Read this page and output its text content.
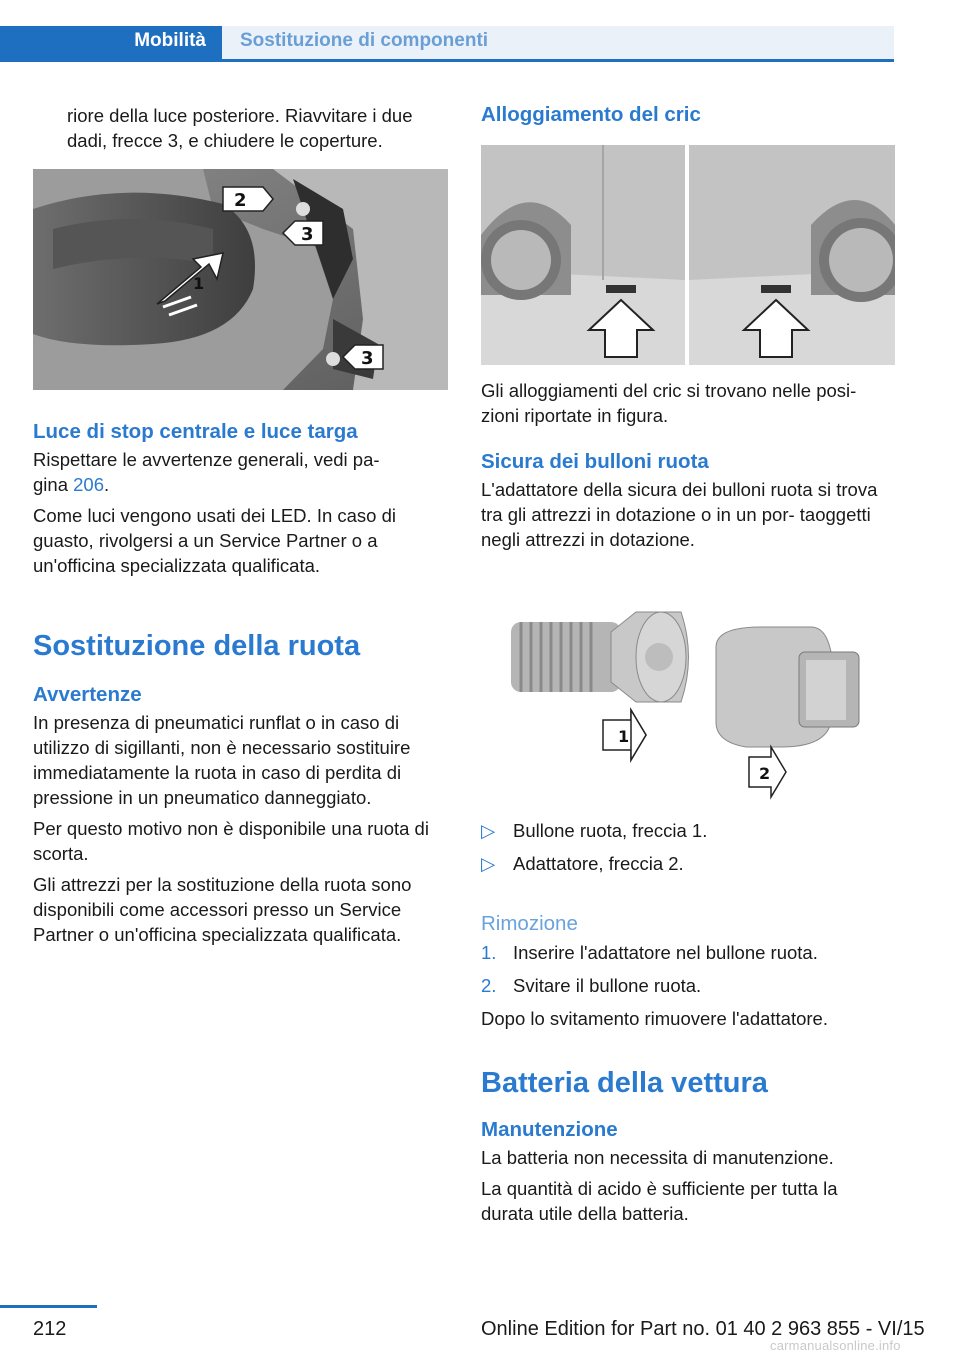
Mobilità Sostituzione di componenti

riore della luce posteriore. Riavvitare i due dadi, frecce 3, e chiudere le coperture.

2
3
1
3
Luce di stop centrale e luce targa

Rispettare le avvertenze generali, vedi pa- gina 206.

Come luci vengono usati dei LED. In caso di guasto, rivolgersi a un Service Partner o a un'officina specializzata qualificata.

Sostituzione della ruota
Avvertenze

In presenza di pneumatici runflat o in caso di utilizzo di sigillanti, non è necessario sostituire immediatamente la ruota in caso di perdita di pressione in un pneumatico danneggiato.

Per questo motivo non è disponibile una ruota di scorta.

Gli attrezzi per la sostituzione della ruota sono disponibili come accessori presso un Service Partner o un'officina specializzata qualificata.

Alloggiamento del cric

Gli alloggiamenti del cric si trovano nelle posi- zioni riportate in figura.

Sicura dei bulloni ruota

L'adattatore della sicura dei bulloni ruota si trova tra gli attrezzi in dotazione o in un por- taoggetti negli attrezzi in dotazione.

1
2
▷ Bullone ruota, freccia 1.
▷ Adattatore, freccia 2.
Rimozione
1. Inserire l'adattatore nel bullone ruota.
2. Svitare il bullone ruota.

Dopo lo svitamento rimuovere l'adattatore.

Batteria della vettura
Manutenzione

La batteria non necessita di manutenzione.

La quantità di acido è sufficiente per tutta la durata utile della batteria.

212	Online Edition for Part no. 01 40 2 963 855 - VI/15
carmanualsonline.info
